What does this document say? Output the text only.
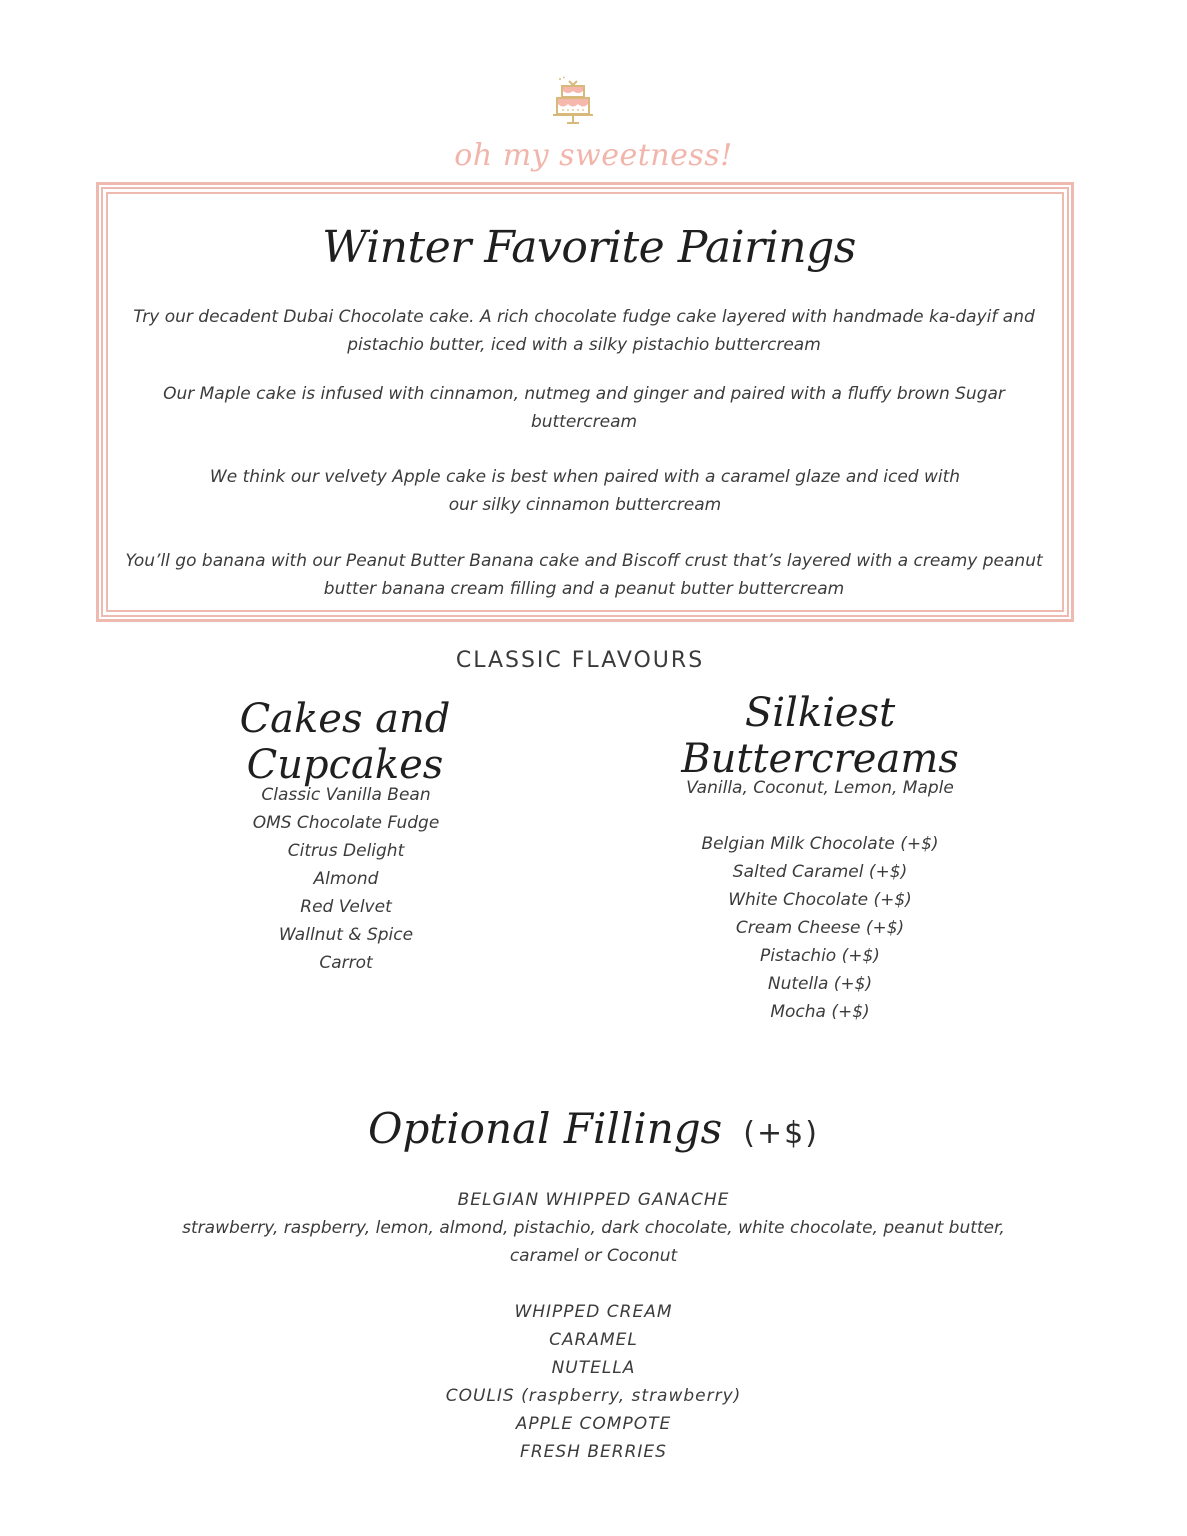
oh my sweetness!
Winter Favorite Pairings

Try our decadent Dubai Chocolate cake. A rich chocolate fudge cake layered with handmade ka-dayif and pistachio butter, iced with a silky pistachio buttercream

Our Maple cake is infused with cinnamon, nutmeg and ginger and paired with a fluffy brown Sugar buttercream

We think our velvety Apple cake is best when paired with a caramel glaze and iced with our silky cinnamon buttercream

You’ll go banana with our Peanut Butter Banana cake and Biscoff crust that’s layered with a creamy peanut butter banana cream filling and a peanut butter buttercream

CLASSIC FLAVOURS
Cakes and Cupcakes
Classic Vanilla Bean
OMS Chocolate Fudge
Citrus Delight
Almond
Red Velvet
Wallnut & Spice
Carrot
Silkiest Buttercreams
Vanilla, Coconut, Lemon, Maple
Belgian Milk Chocolate (+$)
Salted Caramel (+$)
White Chocolate (+$)
Cream Cheese (+$)
Pistachio (+$)
Nutella (+$)
Mocha (+$)
Optional Fillings (+$)
BELGIAN WHIPPED GANACHE
strawberry, raspberry, lemon, almond, pistachio, dark chocolate, white chocolate, peanut butter, caramel or Coconut
WHIPPED CREAM
CARAMEL
NUTELLA
COULIS (raspberry, strawberry)
APPLE COMPOTE
FRESH BERRIES
